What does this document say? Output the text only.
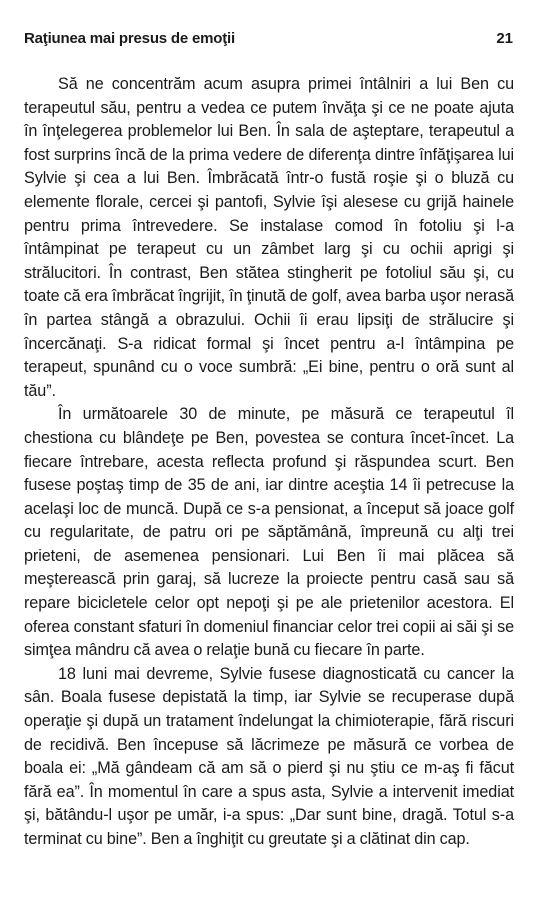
Raţiunea mai presus de emoţii	21

Să ne concentrăm acum asupra primei întâlniri a lui Ben cu terapeutul său, pentru a vedea ce putem învăţa şi ce ne poate ajuta în înţelegerea problemelor lui Ben. În sala de aşteptare, terapeutul a fost surprins încă de la prima vedere de diferenţa dintre înfăţişarea lui Sylvie şi cea a lui Ben. Îmbrăcată într-o fustă roşie şi o bluză cu elemente florale, cercei şi pantofi, Sylvie îşi alesese cu grijă hainele pentru prima întrevedere. Se instalase comod în fotoliu şi l-a întâmpinat pe terapeut cu un zâmbet larg şi cu ochii aprigi şi strălucitori. În contrast, Ben stătea stingherit pe fotoliul său şi, cu toate că era îmbrăcat îngrijit, în ţinută de golf, avea barba uşor nerasă în partea stângă a obrazului. Ochii îi erau lipsiţi de strălucire şi încercănaţi. S-a ridicat formal şi încet pentru a-l întâmpina pe terapeut, spunând cu o voce sumbră: „Ei bine, pentru o oră sunt al tău”.

În următoarele 30 de minute, pe măsură ce terapeutul îl chestiona cu blândeţe pe Ben, povestea se contura încet-încet. La fiecare întrebare, acesta reflecta profund şi răspundea scurt. Ben fusese poştaş timp de 35 de ani, iar dintre aceştia 14 îi petrecuse la acelaşi loc de muncă. După ce s-a pensionat, a început să joace golf cu regularitate, de patru ori pe săptămână, împreună cu alţi trei prieteni, de asemenea pensionari. Lui Ben îi mai plăcea să meşterească prin garaj, să lucreze la proiecte pentru casă sau să repare bicicletele celor opt nepoţi şi pe ale prietenilor acestora. El oferea constant sfaturi în domeniul financiar celor trei copii ai săi şi se simţea mândru că avea o relaţie bună cu fiecare în parte.

18 luni mai devreme, Sylvie fusese diagnosticată cu cancer la sân. Boala fusese depistată la timp, iar Sylvie se recuperase după operaţie şi după un tratament îndelungat la chimioterapie, fără riscuri de recidivă. Ben începuse să lăcrimeze pe măsură ce vorbea de boala ei: „Mă gândeam că am să o pierd şi nu ştiu ce m-aş fi făcut fără ea”. În momentul în care a spus asta, Sylvie a intervenit imediat şi, bătându-l uşor pe umăr, i-a spus: „Dar sunt bine, dragă. Totul s-a terminat cu bine”. Ben a înghiţit cu greutate şi a clătinat din cap.
